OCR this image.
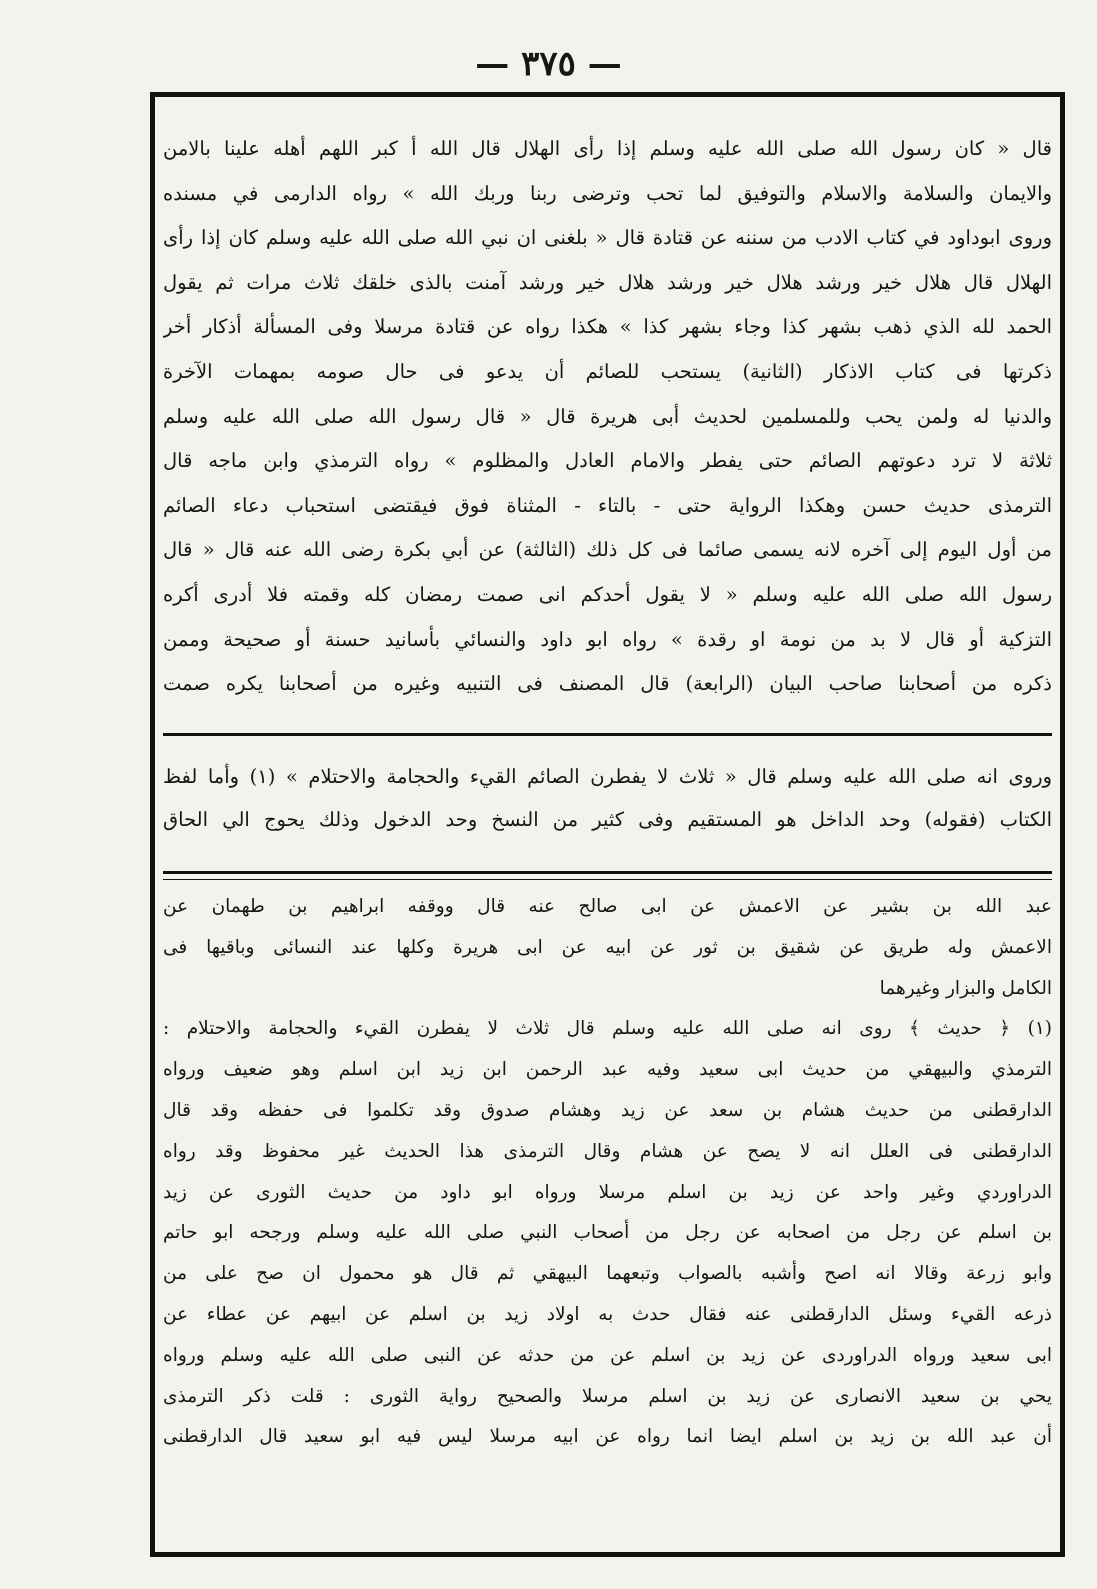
— ٣٧٥ —
قال « كان رسول الله صلى الله عليه وسلم إذا رأى الهلال قال الله أ كبر اللهم أهله علينا بالامن
والايمان والسلامة والاسلام والتوفيق لما تحب وترضى ربنا وربك الله » رواه الدارمى في مسنده
وروى ابوداود في كتاب الادب من سننه عن قتادة قال « بلغنى ان نبي الله صلى الله عليه وسلم كان إذا رأى
الهلال قال هلال خير ورشد هلال خير ورشد هلال خير ورشد آمنت بالذى خلقك ثلاث مرات ثم يقول
الحمد لله الذي ذهب بشهر كذا وجاء بشهر كذا » هكذا رواه عن قتادة مرسلا وفى المسألة أذكار أخر
ذكرتها فى كتاب الاذكار (الثانية) يستحب للصائم أن يدعو فى حال صومه بمهمات الآخرة
والدنيا له ولمن يحب وللمسلمين لحديث أبى هريرة قال « قال رسول الله صلى الله عليه وسلم
ثلاثة لا ترد دعوتهم الصائم حتى يفطر والامام العادل والمظلوم » رواه الترمذي وابن ماجه قال
الترمذى حديث حسن وهكذا الرواية حتى - بالتاء - المثناة فوق فيقتضى استحباب دعاء الصائم
من أول اليوم إلى آخره لانه يسمى صائما فى كل ذلك (الثالثة) عن أبي بكرة رضى الله عنه قال « قال
رسول الله صلى الله عليه وسلم « لا يقول أحدكم انى صمت رمضان كله وقمته فلا أدرى أكره
التزكية أو قال لا بد من نومة او رقدة » رواه ابو داود والنسائي بأسانيد حسنة أو صحيحة وممن
ذكره من أصحابنا صاحب البيان (الرابعة) قال المصنف فى التنبيه وغيره من أصحابنا يكره صمت
وروى انه صلى الله عليه وسلم قال « ثلاث لا يفطرن الصائم القيء والحجامة والاحتلام » (١) وأما لفظ
الكتاب (فقوله) وحد الداخل هو المستقيم وفى كثير من النسخ وحد الدخول وذلك يحوج الي الحاق
عبد الله بن بشير عن الاعمش عن ابى صالح عنه قال ووقفه ابراهيم بن طهمان عن
الاعمش وله طريق عن شقيق بن ثور عن ابيه عن ابى هريرة وكلها عند النسائى وباقيها فى
الكامل والبزار وغيرهما
(١) ﴿ حديث ﴾ روى انه صلى الله عليه وسلم قال ثلاث لا يفطرن القيء والحجامة والاحتلام :
الترمذي والبيهقي من حديث ابى سعيد وفيه عبد الرحمن ابن زيد ابن اسلم وهو ضعيف ورواه
الدارقطنى من حديث هشام بن سعد عن زيد وهشام صدوق وقد تكلموا فى حفظه وقد قال
الدارقطنى فى العلل انه لا يصح عن هشام وقال الترمذى هذا الحديث غير محفوظ وقد رواه
الدراوردي وغير واحد عن زيد بن اسلم مرسلا ورواه ابو داود من حديث الثورى عن زيد
بن اسلم عن رجل من اصحابه عن رجل من أصحاب النبي صلى الله عليه وسلم ورجحه ابو حاتم
وابو زرعة وقالا انه اصح وأشبه بالصواب وتبعهما البيهقي ثم قال هو محمول ان صح على من
ذرعه القيء وسئل الدارقطنى عنه فقال حدث به اولاد زيد بن اسلم عن ابيهم عن عطاء عن
ابى سعيد ورواه الدراوردى عن زيد بن اسلم عن من حدثه عن النبى صلى الله عليه وسلم ورواه
يحي بن سعيد الانصارى عن زيد بن اسلم مرسلا والصحيح رواية الثورى : قلت ذكر الترمذى
أن عبد الله بن زيد بن اسلم ايضا انما رواه عن ابيه مرسلا ليس فيه ابو سعيد قال الدارقطنى
